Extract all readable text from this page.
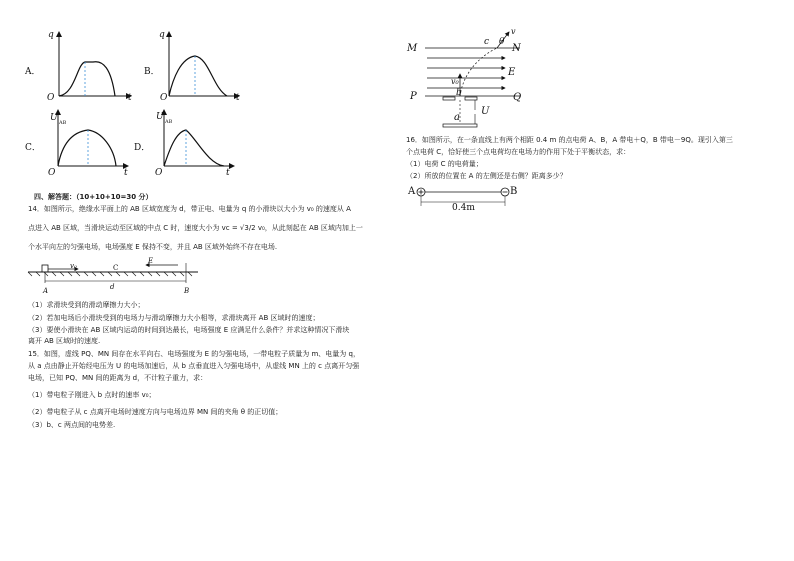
A．
q
O	t
B．
q
O	t
C．
U AB
O	t
D．
U AB
O	t
四、解答题：（10+10+10=30 分）
14．如图所示，绝缘水平面上的 AB 区域宽度为 d，带正电、电量为 q 的小滑块以大小为 v₀ 的速度从 A
点进入 AB 区域，当滑块运动至区域的中点 C 时，速度大小为 vc = √3/2 v₀，从此刻起在 AB 区域内加上一
个水平向左的匀强电场，电场强度 E 保持不变，并且 AB 区域外始终不存在电场.
v₀	C
E
A	d	B
（1）求滑块受到的滑动摩擦力大小；
（2）若加电场后小滑块受到的电场力与滑动摩擦力大小相等，求滑块离开 AB 区域时的速度；
（3）要使小滑块在 AB 区域内运动的时间到达最长，电场强度 E 应满足什么条件？并求这种情况下滑块
离开 AB 区域时的速度.
15．如图，虚线 PQ、MN 间存在水平向右、电场强度为 E 的匀强电场，一带电粒子质量为 m、电量为 q，
从 a 点由静止开始经电压为 U 的电场加速后，从 b 点垂直进入匀强电场中，从虚线 MN 上的 c 点离开匀强
电场，已知 PQ、MN 间的距离为 d，不计粒子重力，求：
（1）带电粒子刚进入 b 点时的速率 v₀；
（2）带电粒子从 c 点离开电场时速度方向与电场边界 MN 间的夹角 θ 的正切值；
（3）b、c 两点间的电势差.
v
M
c θ
N
E
v₀
P	b	Q
a
U
16．如图所示，在一条直线上有两个相距 0.4 m 的点电荷 A、B，A 带电＋Q，B 带电－9Q。现引入第三
个点电荷 C，恰好使三个点电荷均在电场力的作用下处于平衡状态，求：
（1）电荷 C 的电荷量；
（2）所放的位置在 A 的左侧还是右侧？距离多少？
A	B
0.4m
